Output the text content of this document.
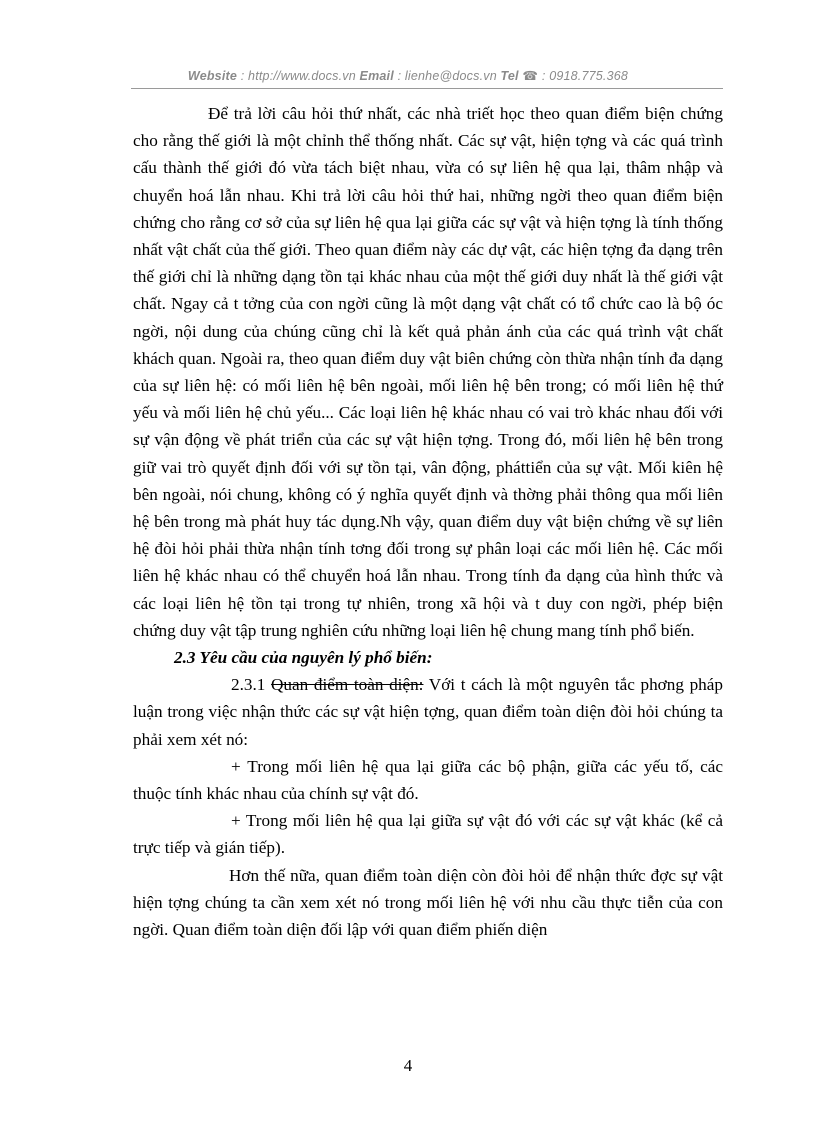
Website : http://www.docs.vn Email : lienhe@docs.vn Tel ☎ : 0918.775.368

Để trả lời câu hỏi thứ nhất, các nhà triết học theo quan điểm biện chứng cho rằng thế giới là một chỉnh thể thống nhất. Các sự vật, hiện tợng và các quá trình cấu thành thế giới đó vừa tách biệt nhau, vừa có sự liên hệ qua lại, thâm nhập và chuyển hoá lẫn nhau. Khi trả lời câu hỏi thứ hai, những ngời theo quan điểm biện chứng cho rằng cơ sở của sự liên hệ qua lại giữa các sự vật và hiện tợng là tính thống nhất vật chất của thế giới. Theo quan điểm này các dự vật, các hiện tợng đa dạng trên thế giới chỉ là những dạng tồn tại khác nhau của một thế giới duy nhất là thế giới vật chất. Ngay cả t tởng của con ngời cũng là một dạng vật chất có tổ chức cao là bộ óc ngời, nội dung của chúng cũng chỉ là kết quả phản ánh của các quá trình vật chất khách quan. Ngoài ra, theo quan điểm duy vật biên chứng còn thừa nhận tính đa dạng của sự liên hệ: có mối liên hệ bên ngoài, mối liên hệ bên trong; có mối liên hệ thứ yếu và mối liên hệ chủ yếu... Các loại liên hệ khác nhau có vai trò khác nhau đối với sự vận động về phát triển của các sự vật hiện tợng. Trong đó, mối liên hệ bên trong giữ vai trò quyết định đối với sự tồn tại, vân động, pháttiển của sự vật. Mối kiên hệ bên ngoài, nói chung, không có ý nghĩa quyết định và thờng phải thông qua mối liên hệ bên trong mà phát huy tác dụng.Nh vậy, quan điểm duy vật biện chứng về sự liên hệ đòi hỏi phải thừa nhận tính tơng đối trong sự phân loại các mối liên hệ. Các mối liên hệ khác nhau có thể chuyển hoá lẫn nhau. Trong tính đa dạng của hình thức và các loại liên hệ tồn tại trong tự nhiên, trong xã hội và t duy con ngời, phép biện chứng duy vật tập trung nghiên cứu những loại liên hệ chung mang tính phổ biến.

2.3 Yêu cầu của nguyên lý phổ biến:

2.3.1 Quan điểm toàn diện: Với t cách là một nguyên tắc phơng pháp luận trong việc nhận thức các sự vật hiện tợng, quan điểm toàn diện đòi hỏi chúng ta phải xem xét nó:

+ Trong mối liên hệ qua lại giữa các bộ phận, giữa các yếu tố, các thuộc tính khác nhau của chính sự vật đó.

+ Trong mối liên hệ qua lại giữa sự vật đó với các sự vật khác (kể cả trực tiếp và gián tiếp).

Hơn thế nữa, quan điểm toàn diện còn đòi hỏi để nhận thức đợc sự vật hiện tợng chúng ta cần xem xét nó trong mối liên hệ với nhu cầu thực tiễn của con ngời. Quan điểm toàn diện đối lập với quan điểm phiến diện

4
